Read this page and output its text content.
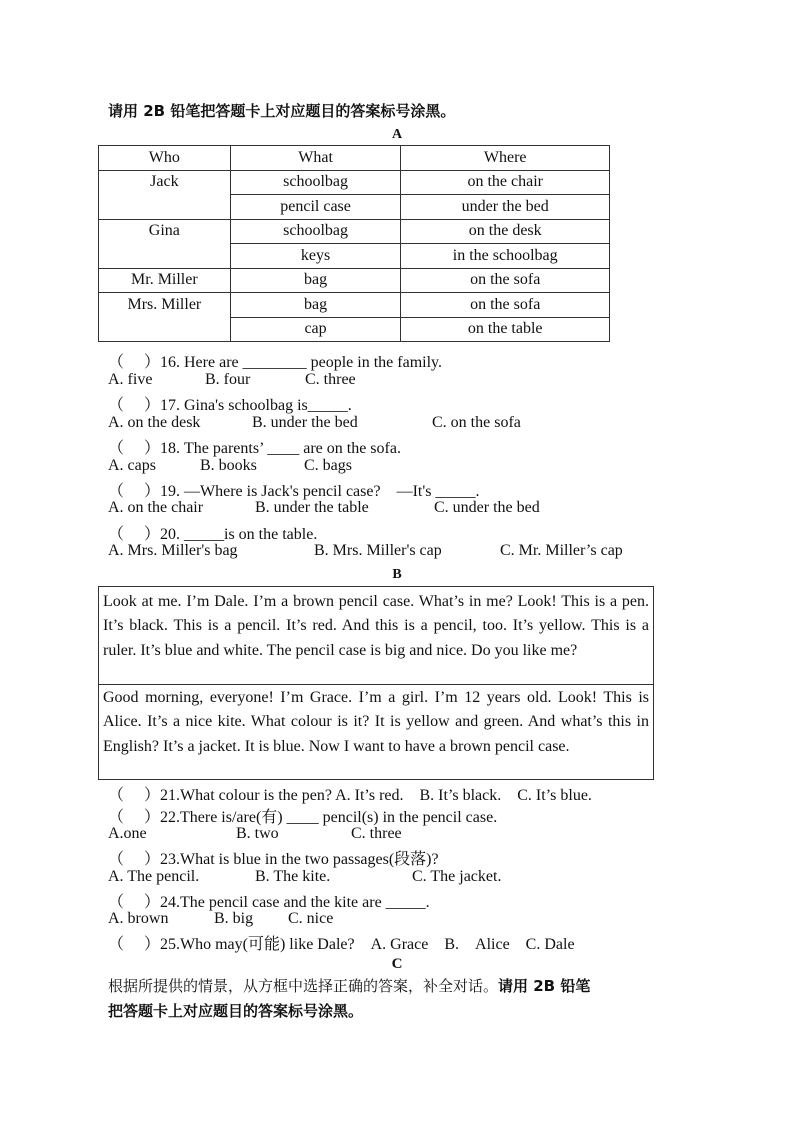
请用 2B 铅笔把答题卡上对应题目的答案标号涂黑。
A
Who	What	Where
Jack	schoolbag	on the chair
	pencil case	under the bed
Gina	schoolbag	on the desk
	keys	in the schoolbag
Mr. Miller	bag	on the sofa
Mrs. Miller	bag	on the sofa
	cap	on the table
（　 ）16. Here are ________ people in the family.
A. five	B. four	C. three
（　 ）17. Gina's schoolbag is_____.
A. on the desk	B. under the bed	C. on the sofa
（　 ）18. The parents’ ____ are on the sofa.
A. caps	B. books	C. bags
（　 ）19. —Where is Jack's pencil case?　—It's _____.
A. on the chair	B. under the table	C. under the bed
（　 ）20. _____is on the table.
A. Mrs. Miller's bag	B. Mrs. Miller's cap	C. Mr. Miller’s cap
B
Look at me. I’m Dale. I’m a brown pencil case. What’s in me? Look! This is a pen. It’s black. This is a pencil. It’s red. And this is a pencil, too. It’s yellow. This is a ruler. It’s blue and white. The pencil case is big and nice. Do you like me?
Good morning, everyone! I’m Grace. I’m a girl. I’m 12 years old. Look! This is Alice. It’s a nice kite. What colour is it? It is yellow and green. And what’s this in English? It’s a jacket. It is blue. Now I want to have a brown pencil case.
（　 ）21.What colour is the pen? A. It’s red.　B. It’s black.　C. It’s blue.
（　 ）22.There is/are(有) ____ pencil(s) in the pencil case.
A.one	B. two	C. three
（　 ）23.What is blue in the two passages(段落)?
A. The pencil.	B. The kite.	C. The jacket.
（　 ）24.The pencil case and the kite are _____.
A. brown	B. big C. nice
（　 ）25.Who may(可能) like Dale?　A. Grace　B.　Alice　C. Dale
C
根据所提供的情景，从方框中选择正确的答案，补全对话。请用 2B 铅笔
把答题卡上对应题目的答案标号涂黑。
